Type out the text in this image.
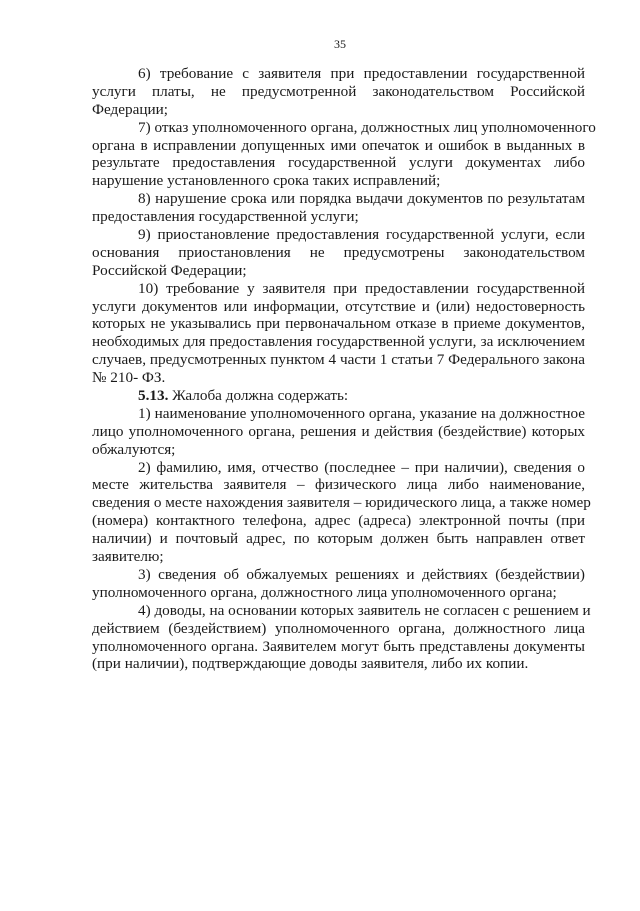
35
6) требование с заявителя при предоставлении государственной
услуги платы, не предусмотренной законодательством Российской
Федерации;
7) отказ уполномоченного органа, должностных лиц уполномоченного
органа в исправлении допущенных ими опечаток и ошибок в выданных в
результате предоставления государственной услуги документах либо
нарушение установленного срока таких исправлений;
8) нарушение срока или порядка выдачи документов по результатам
предоставления государственной услуги;
9) приостановление предоставления государственной услуги, если
основания приостановления не предусмотрены законодательством
Российской Федерации;
10) требование у заявителя при предоставлении государственной
услуги документов или информации, отсутствие и (или) недостоверность
которых не указывались при первоначальном отказе в приеме документов,
необходимых для предоставления государственной услуги, за исключением
случаев, предусмотренных пунктом 4 части 1 статьи 7 Федерального закона
№ 210- ФЗ.
5.13. Жалоба должна содержать:
1) наименование уполномоченного органа, указание на должностное
лицо уполномоченного органа, решения и действия (бездействие) которых
обжалуются;
2) фамилию, имя, отчество (последнее – при наличии), сведения о
месте жительства заявителя – физического лица либо наименование,
сведения о месте нахождения заявителя – юридического лица, а также номер
(номера) контактного телефона, адрес (адреса) электронной почты (при
наличии) и почтовый адрес, по которым должен быть направлен ответ
заявителю;
3) сведения об обжалуемых решениях и действиях (бездействии)
уполномоченного органа, должностного лица уполномоченного органа;
4) доводы, на основании которых заявитель не согласен с решением и
действием (бездействием) уполномоченного органа, должностного лица
уполномоченного органа. Заявителем могут быть представлены документы
(при наличии), подтверждающие доводы заявителя, либо их копии.
